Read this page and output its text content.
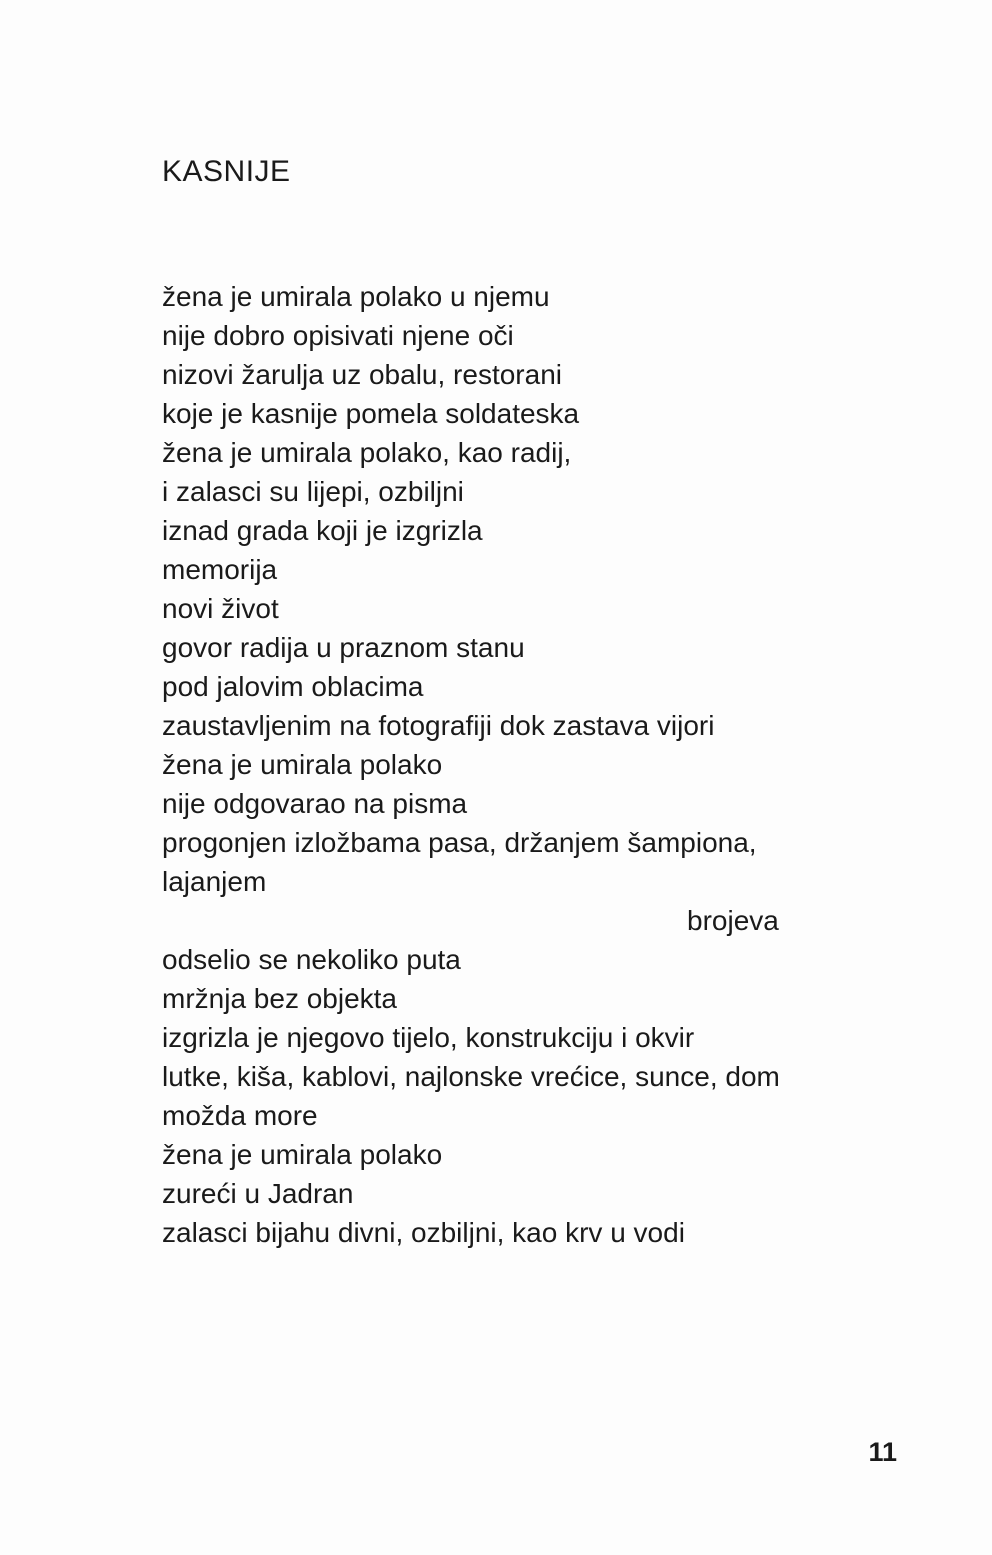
KASNIJE
žena je umirala polako u njemu
nije dobro opisivati njene oči
nizovi žarulja uz obalu, restorani
koje je kasnije pomela soldateska
žena je umirala polako, kao radij,
i zalasci su lijepi, ozbiljni
iznad grada koji je izgrizla
memorija
novi život
govor radija u praznom stanu
pod jalovim oblacima
zaustavljenim na fotografiji dok zastava vijori
žena je umirala polako
nije odgovarao na pisma
progonjen izložbama pasa, držanjem šampiona,
lajanjem
brojeva
odselio se nekoliko puta
mržnja bez objekta
izgrizla je njegovo tijelo, konstrukciju i okvir
lutke, kiša, kablovi, najlonske vrećice, sunce, dom
možda more
žena je umirala polako
zureći u Jadran
zalasci bijahu divni, ozbiljni, kao krv u vodi
11
